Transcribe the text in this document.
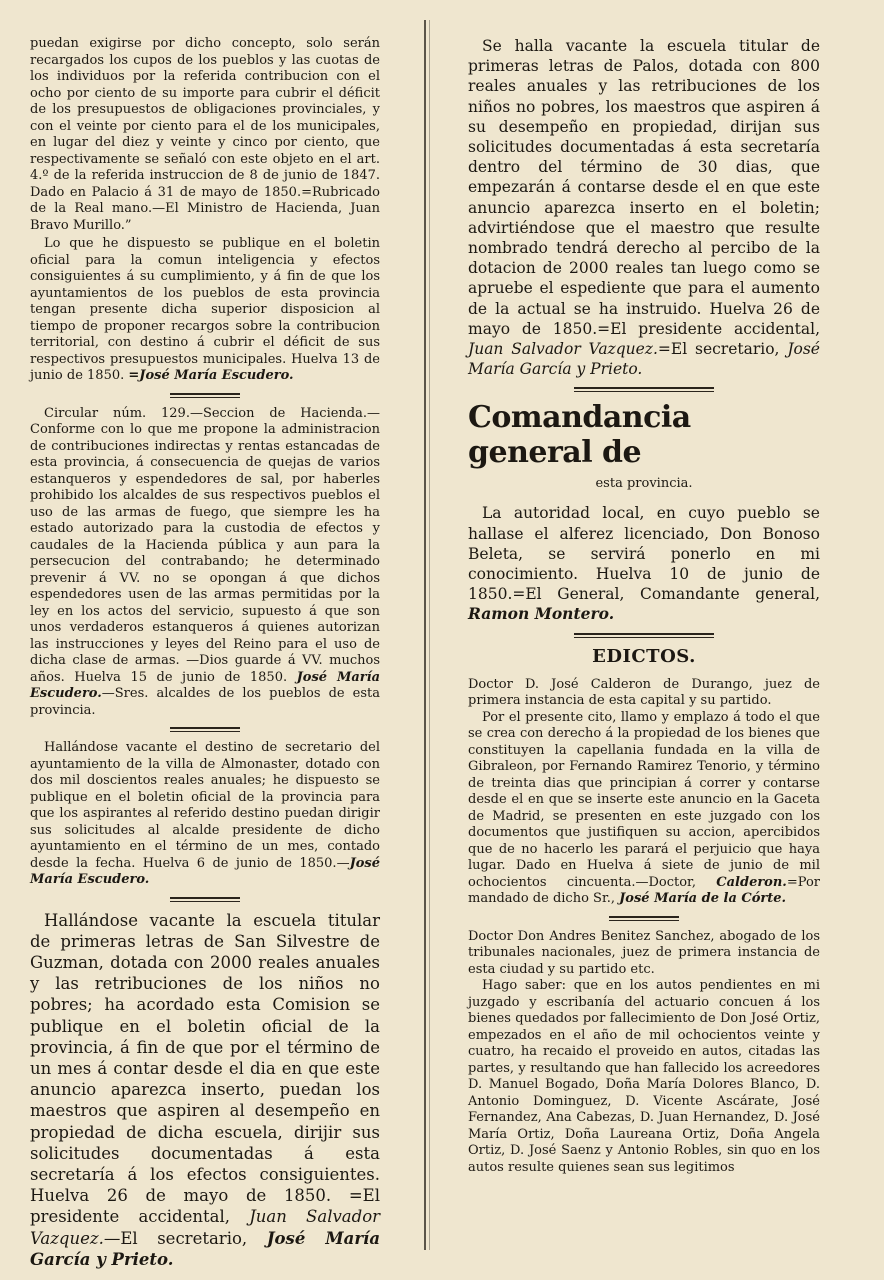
puedan exigirse por dicho concepto, solo serán recargados los cupos de los pueblos y las cuotas de los individuos por la referida contribucion con el ocho por ciento de su importe para cubrir el déficit de los presupuestos de obligaciones provinciales, y con el veinte por ciento para el de los municipales, en lugar del diez y veinte y cinco por ciento, que respectivamente se señaló con este objeto en el art. 4.º de la referida instruccion de 8 de junio de 1847. Dado en Palacio á 31 de mayo de 1850.=Rubricado de la Real mano.—El Ministro de Hacienda, Juan Bravo Murillo.”

Lo que he dispuesto se publique en el boletin oficial para la comun inteligencia y efectos consiguientes á su cumplimiento, y á fin de que los ayuntamientos de los pueblos de esta provincia tengan presente dicha superior disposicion al tiempo de proponer recargos sobre la contribucion territorial, con destino á cubrir el déficit de sus respectivos presupuestos municipales. Huelva 13 de junio de 1850. =José María Escudero.

Circular núm. 129.—Seccion de Hacienda.—Conforme con lo que me propone la administracion de contribuciones indirectas y rentas estancadas de esta provincia, á consecuencia de quejas de varios estanqueros y espendedores de sal, por haberles prohibido los alcaldes de sus respectivos pueblos el uso de las armas de fuego, que siempre les ha estado autorizado para la custodia de efectos y caudales de la Hacienda pública y aun para la persecucion del contrabando; he determinado prevenir á VV. no se opongan á que dichos espendedores usen de las armas permitidas por la ley en los actos del servicio, supuesto á que son unos verdaderos estanqueros á quienes autorizan las instrucciones y leyes del Reino para el uso de dicha clase de armas. —Dios guarde á VV. muchos años. Huelva 15 de junio de 1850. José María Escudero.—Sres. alcaldes de los pueblos de esta provincia.

Hallándose vacante el destino de secretario del ayuntamiento de la villa de Almonaster, dotado con dos mil doscientos reales anuales; he dispuesto se publique en el boletin oficial de la provincia para que los aspirantes al referido destino puedan dirigir sus solicitudes al alcalde presidente de dicho ayuntamiento en el término de un mes, contado desde la fecha. Huelva 6 de junio de 1850.—José María Escudero.

Hallándose vacante la escuela titular de primeras letras de San Silvestre de Guzman, dotada con 2000 reales anuales y las retribuciones de los niños no pobres; ha acordado esta Comision se publique en el boletin oficial de la provincia, á fin de que por el término de un mes á contar desde el dia en que este anuncio aparezca inserto, puedan los maestros que aspiren al desempeño en propiedad de dicha escuela, dirijir sus solicitudes documentadas á esta secretaría á los efectos consiguientes. Huelva 26 de mayo de 1850. =El presidente accidental, Juan Salvador Vazquez.—El secretario, José María García y Prieto.

Se halla vacante la escuela titular de primeras letras de Palos, dotada con 800 reales anuales y las retribuciones de los niños no pobres, los maestros que aspiren á su desempeño en propiedad, dirijan sus solicitudes documentadas á esta secretaría dentro del término de 30 dias, que empezarán á contarse desde el en que este anuncio aparezca inserto en el boletin; advirtiéndose que el maestro que resulte nombrado tendrá derecho al percibo de la dotacion de 2000 reales tan luego como se apruebe el espediente que para el aumento de la actual se ha instruido. Huelva 26 de mayo de 1850.=El presidente accidental, Juan Salvador Vazquez.=El secretario, José María García y Prieto.

Comandancia general de
esta provincia.

La autoridad local, en cuyo pueblo se hallase el alferez licenciado, Don Bonoso Beleta, se servirá ponerlo en mi conocimiento. Huelva 10 de junio de 1850.=El General, Comandante general, Ramon Montero.

EDICTOS.

Doctor D. José Calderon de Durango, juez de primera instancia de esta capital y su partido.

Por el presente cito, llamo y emplazo á todo el que se crea con derecho á la propiedad de los bienes que constituyen la capellania fundada en la villa de Gibraleon, por Fernando Ramirez Tenorio, y término de treinta dias que principian á correr y contarse desde el en que se inserte este anuncio en la Gaceta de Madrid, se presenten en este juzgado con los documentos que justifiquen su accion, apercibidos que de no hacerlo les parará el perjuicio que haya lugar. Dado en Huelva á siete de junio de mil ochocientos cincuenta.—Doctor, Calderon.=Por mandado de dicho Sr., José María de la Córte.

Doctor Don Andres Benitez Sanchez, abogado de los tribunales nacionales, juez de primera instancia de esta ciudad y su partido etc.

Hago saber: que en los autos pendientes en mi juzgado y escribanía del actuario concuen á los bienes quedados por fallecimiento de Don José Ortiz, empezados en el año de mil ochocientos veinte y cuatro, ha recaido el proveido en autos, citadas las partes, y resultando que han fallecido los acreedores D. Manuel Bogado, Doña María Dolores Blanco, D. Antonio Dominguez, D. Vicente Ascárate, José Fernandez, Ana Cabezas, D. Juan Hernandez, D. José María Ortiz, Doña Laureana Ortiz, Doña Angela Ortiz, D. José Saenz y Antonio Robles, sin quo en los autos resulte quienes sean sus legitimos
